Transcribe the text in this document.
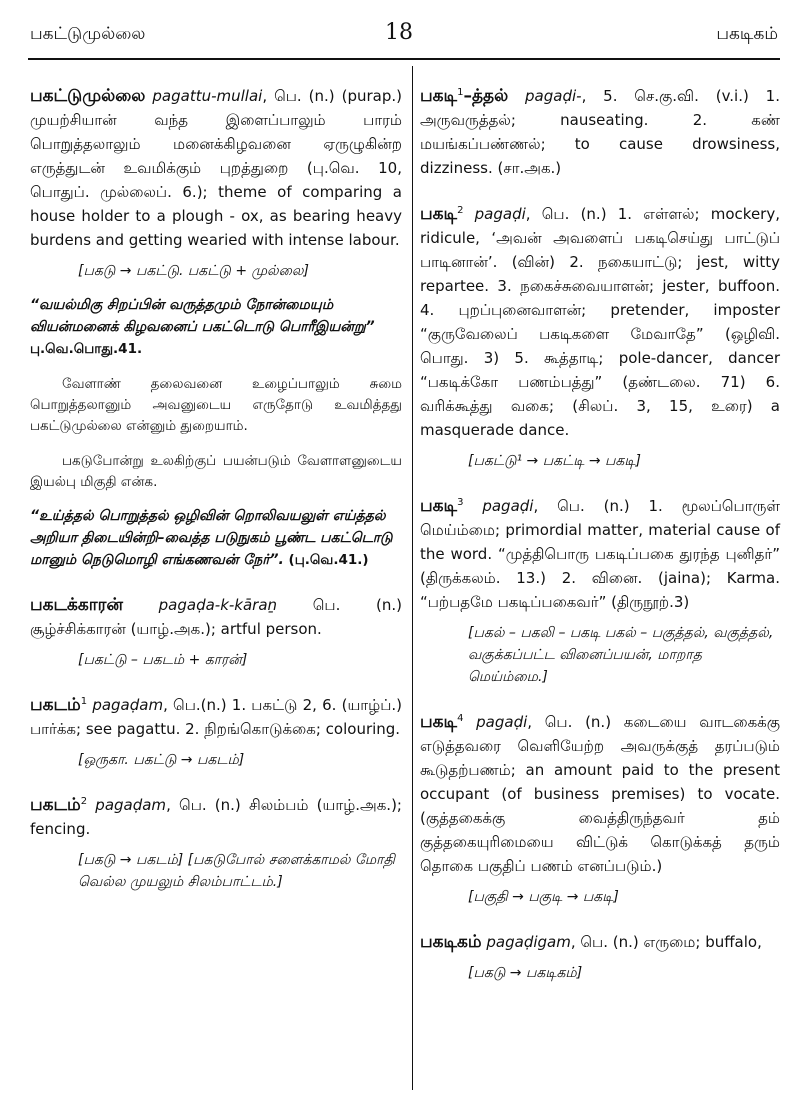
பகட்டுமுல்லை	18	பகடிகம்

பகட்டுமுல்லை pagattu-mullai, பெ. (n.) (purap.) முயற்சியான் வந்த இளைப்பாலும் பாரம் பொறுத்தலாலும் மனைக்கிழவனை ஏருழுகின்ற எருத்துடன் உவமிக்கும் புறத்துறை (பு.வெ. 10, பொதுப். முல்லைப். 6.); theme of comparing a house holder to a plough - ox, as bearing heavy burdens and getting wearied with intense labour.

[பகடு → பகட்டு. பகட்டு + முல்லை]
“வயல்மிகு சிறப்பின் வருத்தமும் நோன்மையும் வியன்மனைக் கிழவனைப் பகட்டொடு பொரீஇயன்று” பு.வெ.பொது.41.

வேளாண் தலைவனை உழைப்பாலும் சுமை பொறுத்தலானும் அவனுடைய எருதோடு உவமித்தது பகட்டுமுல்லை என்னும் துறையாம்.

பகடுபோன்று உலகிற்குப் பயன்படும் வேளாளனுடைய இயல்பு மிகுதி என்க.

“உய்த்தல் பொறுத்தல் ஒழிவின் றொலிவயலுள் எய்த்தல் அறியா திடையின்றி–வைத்த படுநுகம் பூண்ட பகட்டொடு மானும் நெடுமொழி எங்கணவன் நேர்”. (பு.வெ.41.)

பகடக்காரன் pagaḍa-k-kāraṉ பெ. (n.) சூழ்ச்சிக்காரன் (யாழ்.அக.); artful person.

[பகட்டு – பகடம் + காரன்]

பகடம்$^1$ pagaḍam, பெ.(n.) 1. பகட்டு 2, 6. (யாழ்ப்.) பார்க்க; see pagattu. 2. நிறங்கொடுக்கை; colouring.

[ஒருகா. பகட்டு → பகடம்]

பகடம்$^2$ pagaḍam, பெ. (n.) சிலம்பம் (யாழ்.அக.); fencing.

[பகடு → பகடம்] [பகடுபோல் சளைக்காமல் மோதி வெல்ல முயலும் சிலம்பாட்டம்.]

பகடி$^1$–த்தல் pagaḍi-, 5. செ.கு.வி. (v.i.) 1. அருவருத்தல்; nauseating. 2. கண் மயங்கப்பண்ணல்; to cause drowsiness, dizziness. (சா.அக.)

பகடி$^2$ pagaḍi, பெ. (n.) 1. எள்ளல்; mockery, ridicule, ‘அவன் அவளைப் பகடிசெய்து பாட்டுப் பாடினான்’. (வின்) 2. நகையாட்டு; jest, witty repartee. 3. நகைச்சுவையாளன்; jester, buffoon. 4. புறப்புனைவாளன்; pretender, imposter “குருவேலைப் பகடிகளை மேவாதே” (ஒழிவி. பொது. 3) 5. கூத்தாடி; pole-dancer, dancer “பகடிக்கோ பணம்பத்து” (தண்டலை. 71) 6. வரிக்கூத்து வகை; (சிலப். 3, 15, உரை) a masquerade dance.

[பகட்டு¹ → பகட்டி → பகடி]

பகடி$^3$ pagaḍi, பெ. (n.) 1. மூலப்பொருள் மெய்ம்மை; primordial matter, material cause of the word. “முத்திபொரு பகடிப்பகை துரந்த புனிதர்” (திருக்கலம். 13.) 2. வினை. (jaina); Karma. “பற்பதமே பகடிப்பகைவர்” (திருநூற்.3)

[பகல் – பகலி – பகடி பகல் – பகுத்தல், வகுத்தல், வகுக்கப்பட்ட வினைப்பயன், மாறாத மெய்ம்மை.]

பகடி$^4$ pagaḍi, பெ. (n.) கடையை வாடகைக்கு எடுத்தவரை வெளியேற்ற அவருக்குத் தரப்படும் கூடுதற்பணம்; an amount paid to the present occupant (of business premises) to vocate. (குத்தகைக்கு வைத்திருந்தவர் தம் குத்தகையுரிமையை விட்டுக் கொடுக்கத் தரும் தொகை பகுதிப் பணம் எனப்படும்.)

[பகுதி → பகுடி → பகடி]

பகடிகம் pagaḍigam, பெ. (n.) எருமை; buffalo,

[பகடு → பகடிகம்]
